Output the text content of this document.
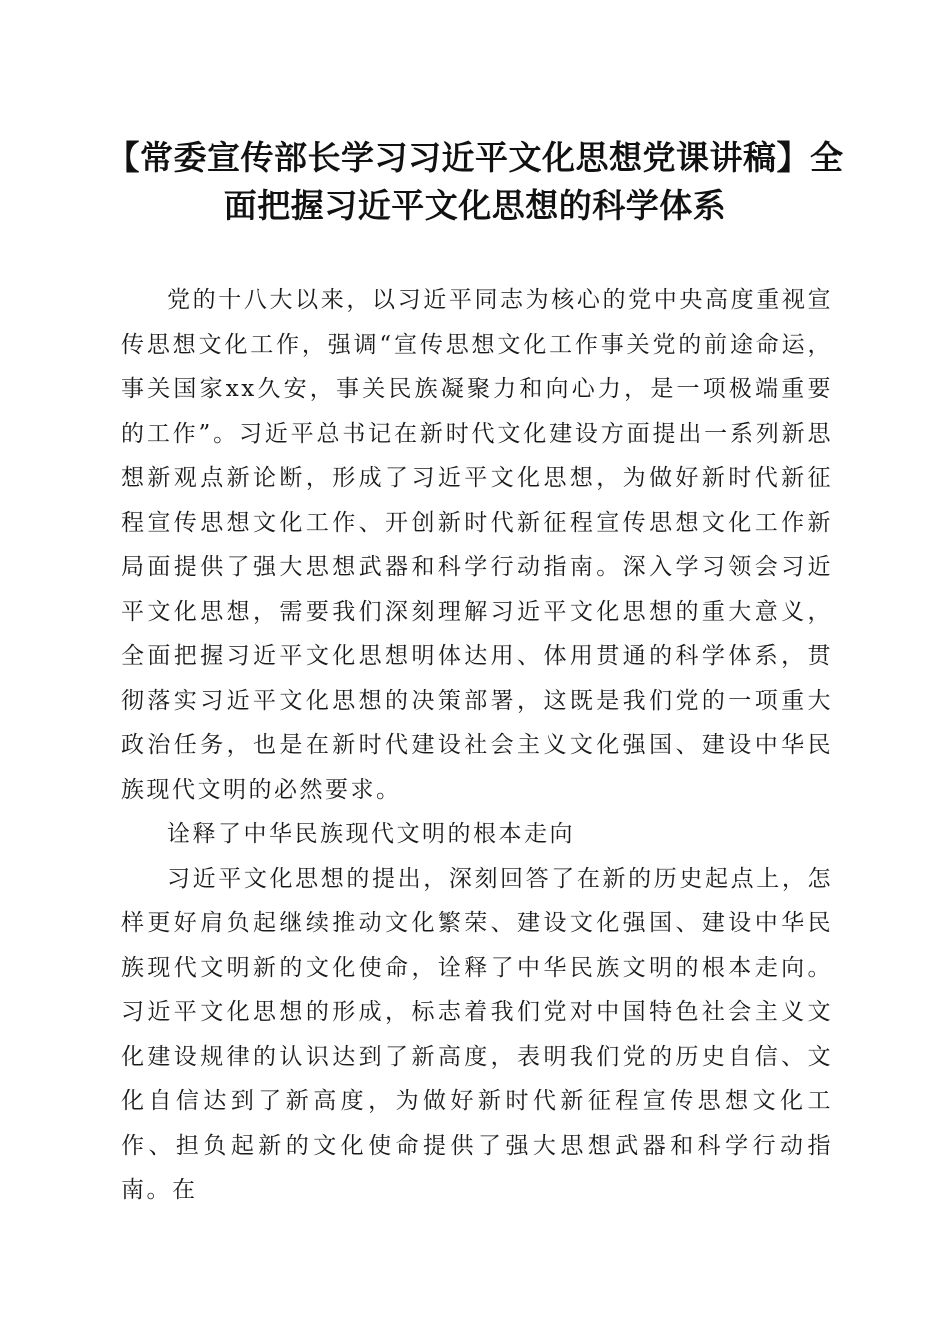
【常委宣传部长学习习近平文化思想党课讲稿】全面把握习近平文化思想的科学体系

党的十八大以来，以习近平同志为核心的党中央高度重视宣传思想文化工作，强调“宣传思想文化工作事关党的前途命运，事关国家xx久安，事关民族凝聚力和向心力，是一项极端重要的工作”。习近平总书记在新时代文化建设方面提出一系列新思想新观点新论断，形成了习近平文化思想，为做好新时代新征程宣传思想文化工作、开创新时代新征程宣传思想文化工作新局面提供了强大思想武器和科学行动指南。深入学习领会习近平文化思想，需要我们深刻理解习近平文化思想的重大意义，全面把握习近平文化思想明体达用、体用贯通的科学体系，贯彻落实习近平文化思想的决策部署，这既是我们党的一项重大政治任务，也是在新时代建设社会主义文化强国、建设中华民族现代文明的必然要求。

诠释了中华民族现代文明的根本走向

习近平文化思想的提出，深刻回答了在新的历史起点上，怎样更好肩负起继续推动文化繁荣、建设文化强国、建设中华民族现代文明新的文化使命，诠释了中华民族文明的根本走向。习近平文化思想的形成，标志着我们党对中国特色社会主义文化建设规律的认识达到了新高度，表明我们党的历史自信、文化自信达到了新高度，为做好新时代新征程宣传思想文化工作、担负起新的文化使命提供了强大思想武器和科学行动指南。在
